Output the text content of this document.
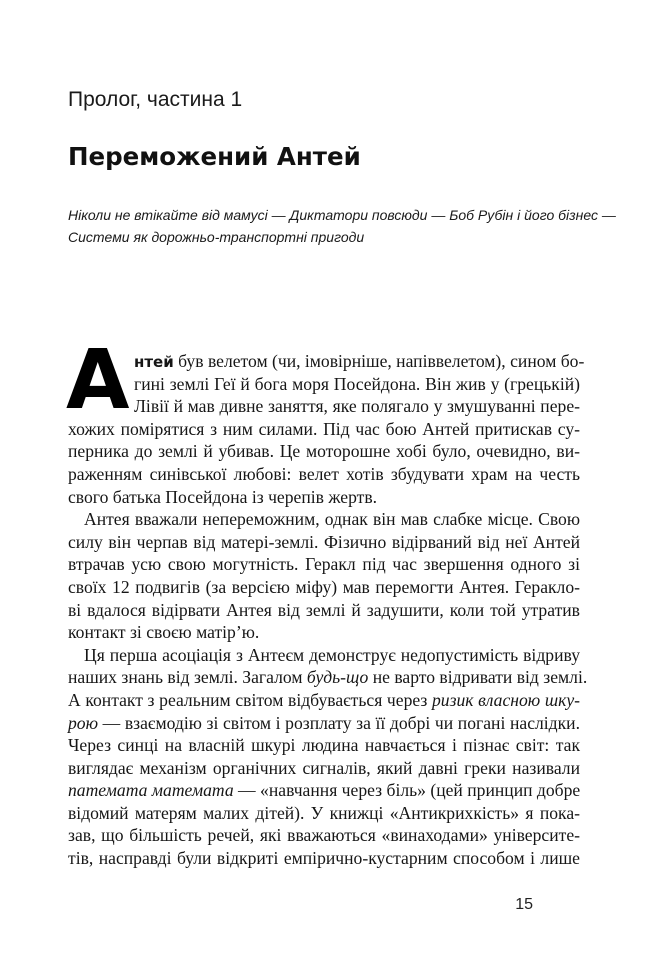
Пролог, частина 1
Переможений Антей
Ніколи не втікайте від мамусі — Диктатори повсюди — Боб Рубін і його бізнес —
Системи як дорожньо-транспортні пригоди
А нтей був велетом (чи, імовірніше, напіввелетом), сином бо-
гині землі Геї й бога моря Посейдона. Він жив у (грецькій)
Лівії й мав дивне заняття, яке полягало у змушуванні пере-
хожих помірятися з ним силами. Під час бою Антей притискав су-
перника до землі й убивав. Це моторошне хобі було, очевидно, ви-
раженням синівської любові: велет хотів збудувати храм на честь
свого батька Посейдона із черепів жертв.
Антея вважали непереможним, однак він мав слабке місце. Свою
силу він черпав від матері-землі. Фізично відірваний від неї Антей
втрачав усю свою могутність. Геракл під час звершення одного зі
своїх 12 подвигів (за версією міфу) мав перемогти Антея. Гераклo-
ві вдалося відірвати Антея від землі й задушити, коли той утратив
контакт зі своєю матір’ю.
Ця перша асоціація з Антеєм демонструє недопустимість відриву
наших знань від землі. Загалом будь-що не варто відривати від землі.
А контакт з реальним світом відбувається через ризик власною шку-
рою — взаємодію зі світом і розплату за її добрі чи погані наслідки.
Через синці на власній шкурі людина навчається і пізнає світ: так
виглядає механізм органічних сигналів, який давні греки називали
патемата математа — «навчання через біль» (цей принцип добре
відомий матерям малих дітей). У книжці «Антикрихкість» я пока-
зав, що більшість речей, які вважаються «винаходами» університе-
тів, насправді були відкриті емпірично-кустарним способом і лише
15
